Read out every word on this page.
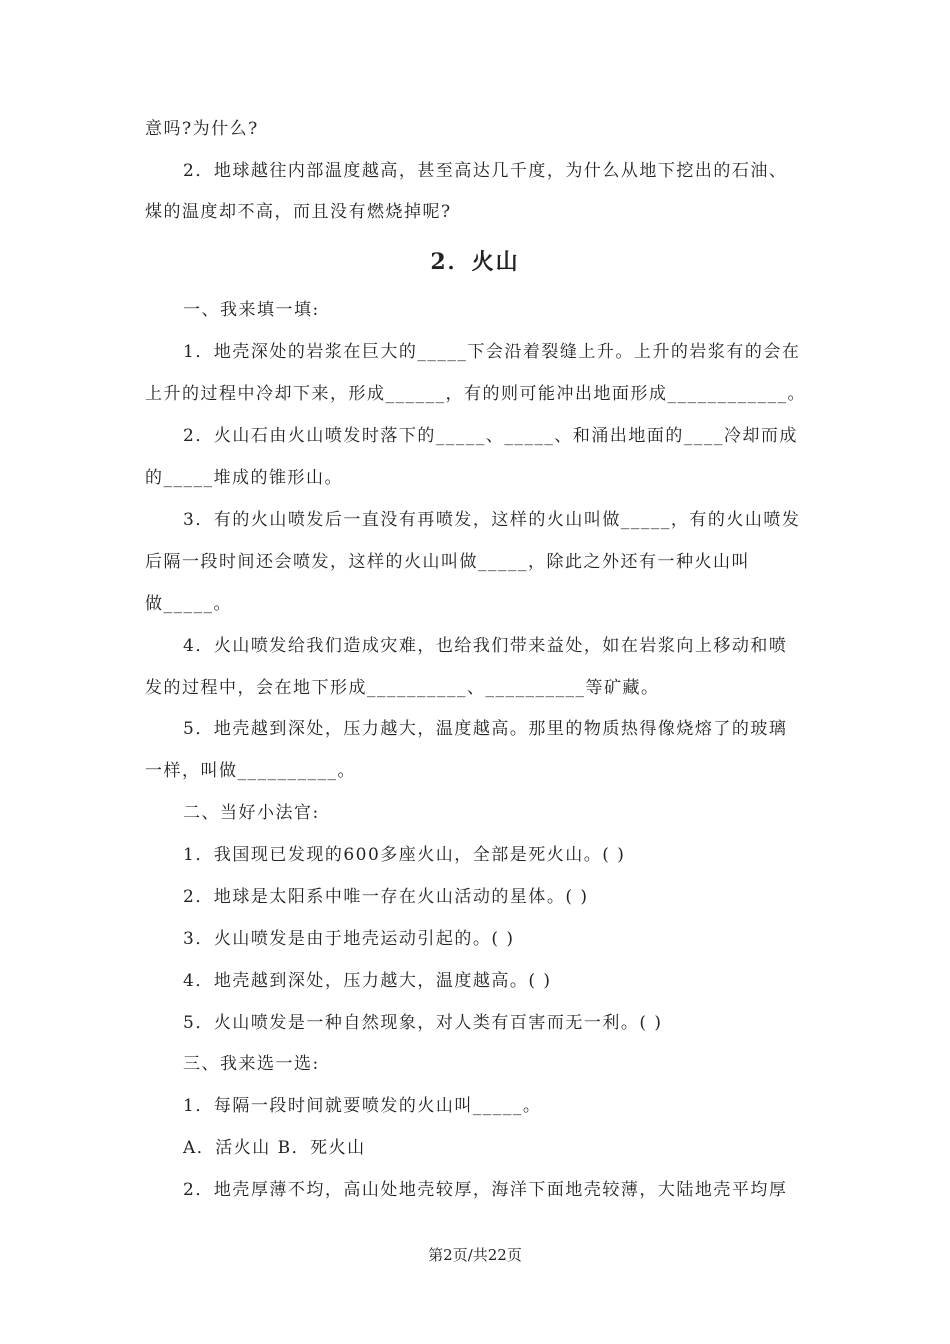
意吗?为什么?
2．地球越往内部温度越高，甚至高达几千度，为什么从地下挖出的石油、
煤的温度却不高，而且没有燃烧掉呢?
2．火山
一、我来填一填:
1．地壳深处的岩浆在巨大的_____下会沿着裂缝上升。上升的岩浆有的会在
上升的过程中冷却下来，形成______，有的则可能冲出地面形成____________。
2．火山石由火山喷发时落下的_____、_____、和涌出地面的____冷却而成
的_____堆成的锥形山。
3．有的火山喷发后一直没有再喷发，这样的火山叫做_____，有的火山喷发
后隔一段时间还会喷发，这样的火山叫做_____，除此之外还有一种火山叫
做_____。
4．火山喷发给我们造成灾难，也给我们带来益处，如在岩浆向上移动和喷
发的过程中，会在地下形成__________、__________等矿藏。
5．地壳越到深处，压力越大，温度越高。那里的物质热得像烧熔了的玻璃
一样，叫做__________。
二、当好小法官:
1．我国现已发现的600多座火山，全部是死火山。( )
2．地球是太阳系中唯一存在火山活动的星体。( )
3．火山喷发是由于地壳运动引起的。( )
4．地壳越到深处，压力越大，温度越高。( )
5．火山喷发是一种自然现象，对人类有百害而无一利。( )
三、我来选一选:
1．每隔一段时间就要喷发的火山叫_____。
A．活火山 B．死火山
2．地壳厚薄不均，高山处地壳较厚，海洋下面地壳较薄，大陆地壳平均厚
第2页/共22页
